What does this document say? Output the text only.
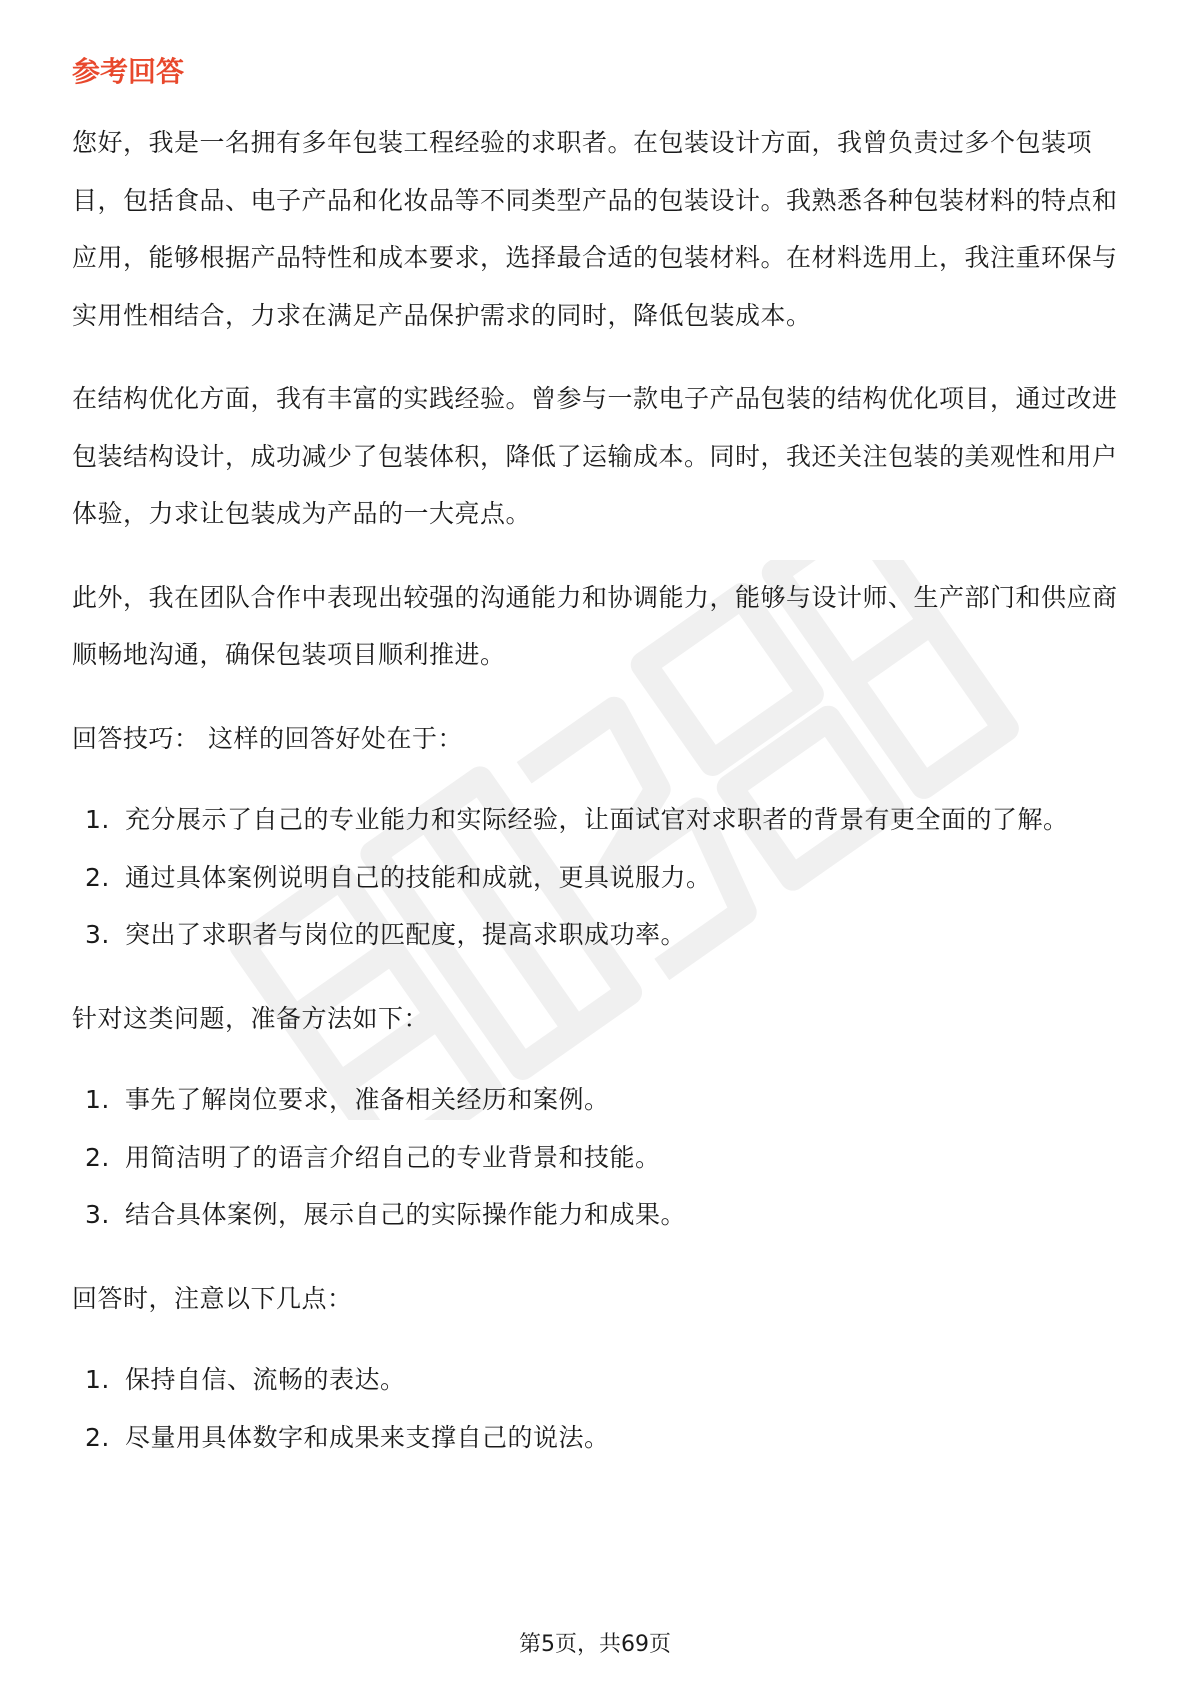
参考回答

您好，我是一名拥有多年包装工程经验的求职者。在包装设计方面，我曾负责过多个包装项目，包括食品、电子产品和化妆品等不同类型产品的包装设计。我熟悉各种包装材料的特点和应用，能够根据产品特性和成本要求，选择最合适的包装材料。在材料选用上，我注重环保与实用性相结合，力求在满足产品保护需求的同时，降低包装成本。

在结构优化方面，我有丰富的实践经验。曾参与一款电子产品包装的结构优化项目，通过改进包装结构设计，成功减少了包装体积，降低了运输成本。同时，我还关注包装的美观性和用户体验，力求让包装成为产品的一大亮点。

此外，我在团队合作中表现出较强的沟通能力和协调能力，能够与设计师、生产部门和供应商顺畅地沟通，确保包装项目顺利推进。

回答技巧： 这样的回答好处在于：
1. 充分展示了自己的专业能力和实际经验，让面试官对求职者的背景有更全面的了解。
2. 通过具体案例说明自己的技能和成就，更具说服力。
3. 突出了求职者与岗位的匹配度，提高求职成功率。
针对这类问题，准备方法如下：
1. 事先了解岗位要求，准备相关经历和案例。
2. 用简洁明了的语言介绍自己的专业背景和技能。
3. 结合具体案例，展示自己的实际操作能力和成果。
回答时，注意以下几点：
1. 保持自信、流畅的表达。
2. 尽量用具体数字和成果来支撑自己的说法。
第5页，共69页
